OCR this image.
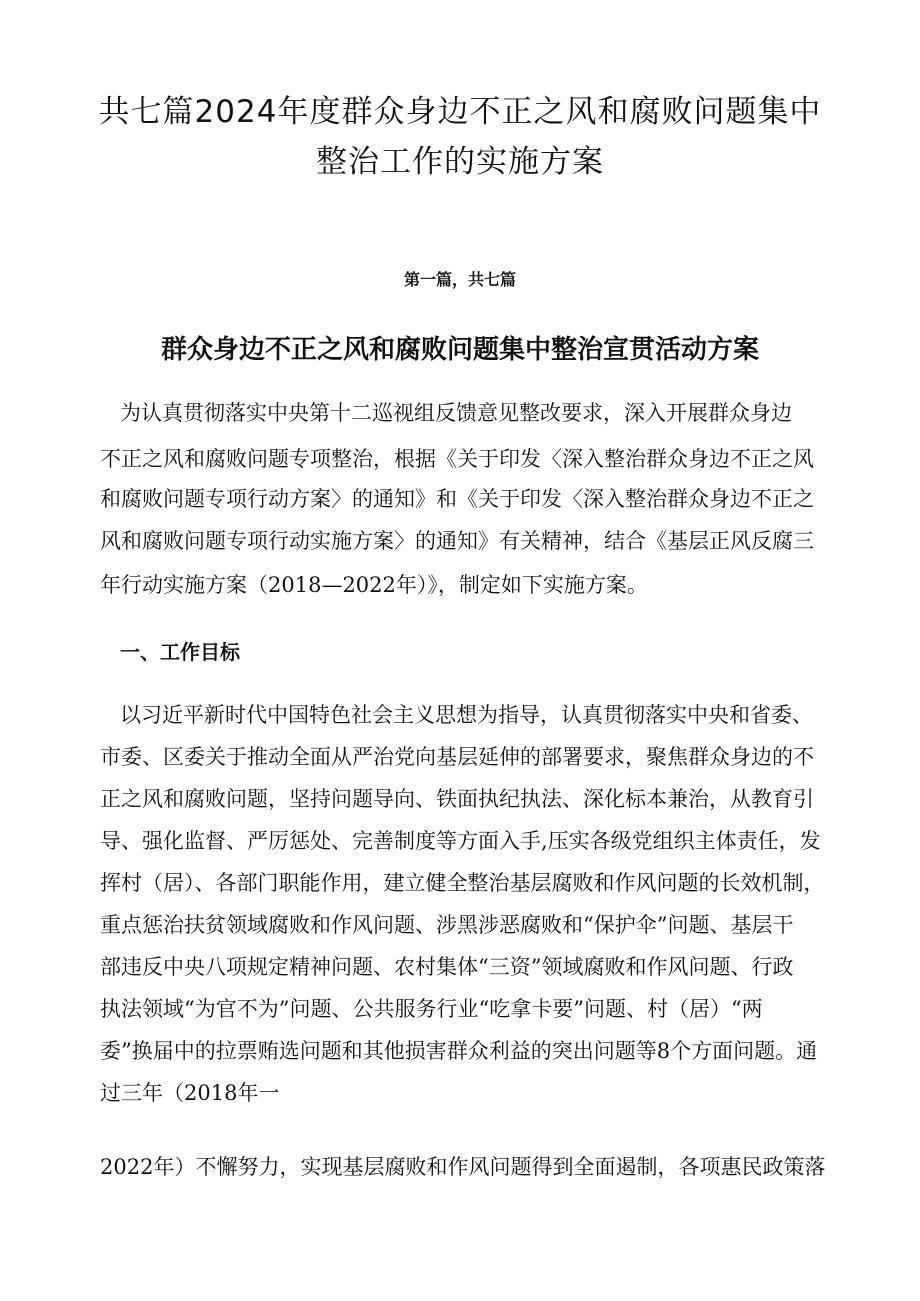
共七篇2024年度群众身边不正之风和腐败问题集中
整治工作的实施方案

第一篇，共七篇

群众身边不正之风和腐败问题集中整治宣贯活动方案

为认真贯彻落实中央第十二巡视组反馈意见整改要求，深入开展群众身边

不正之风和腐败问题专项整治，根据《关于印发〈深入整治群众身边不正之风

和腐败问题专项行动方案〉的通知》和《关于印发〈深入整治群众身边不正之

风和腐败问题专项行动实施方案〉的通知》有关精神，结合《基层正风反腐三

年行动实施方案（2018—2022年）》，制定如下实施方案。

一、工作目标

以习近平新时代中国特色社会主义思想为指导，认真贯彻落实中央和省委、

市委、区委关于推动全面从严治党向基层延伸的部署要求，聚焦群众身边的不

正之风和腐败问题，坚持问题导向、铁面执纪执法、深化标本兼治，从教育引

导、强化监督、严厉惩处、完善制度等方面入手,压实各级党组织主体责任，发

挥村（居）、各部门职能作用，建立健全整治基层腐败和作风问题的长效机制，

重点惩治扶贫领域腐败和作风问题、涉黑涉恶腐败和“保护伞”问题、基层干

部违反中央八项规定精神问题、农村集体“三资”领域腐败和作风问题、行政

执法领域“为官不为”问题、公共服务行业“吃拿卡要”问题、村（居）“两

委”换届中的拉票贿选问题和其他损害群众利益的突出问题等8个方面问题。通

过三年（2018年一

2022年）不懈努力，实现基层腐败和作风问题得到全面遏制，各项惠民政策落
